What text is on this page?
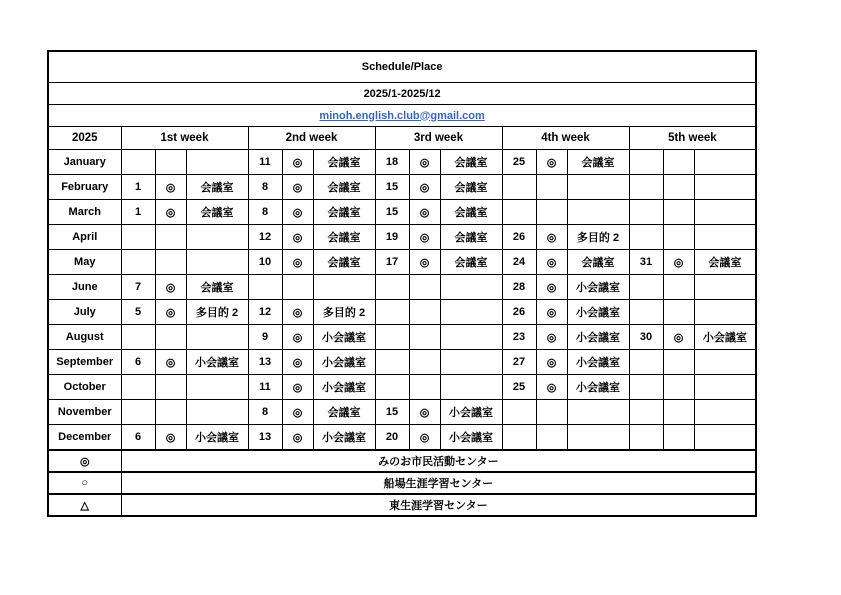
Schedule/Place															
2025/1-2025/12															
minoh.english.club@gmail.com															
2025	1st week			2nd week			3rd week			4th week			5th week		
January				11	◎	会議室	18	◎	会議室	25	◎	会議室			
February	1	◎	会議室	8	◎	会議室	15	◎	会議室						
March	1	◎	会議室	8	◎	会議室	15	◎	会議室						
April				12	◎	会議室	19	◎	会議室	26	◎	多目的 2			
May				10	◎	会議室	17	◎	会議室	24	◎	会議室	31	◎	会議室
June	7	◎	会議室							28	◎	小会議室			
July	5	◎	多目的 2	12	◎	多目的 2				26	◎	小会議室			
August				9	◎	小会議室				23	◎	小会議室	30	◎	小会議室
September	6	◎	小会議室	13	◎	小会議室				27	◎	小会議室			
October				11	◎	小会議室				25	◎	小会議室			
November				8	◎	会議室	15	◎	小会議室						
December	6	◎	小会議室	13	◎	小会議室	20	◎	小会議室						
◎	みのお市民活動センター														
○	船場生涯学習センター														
△	東生涯学習センター														
